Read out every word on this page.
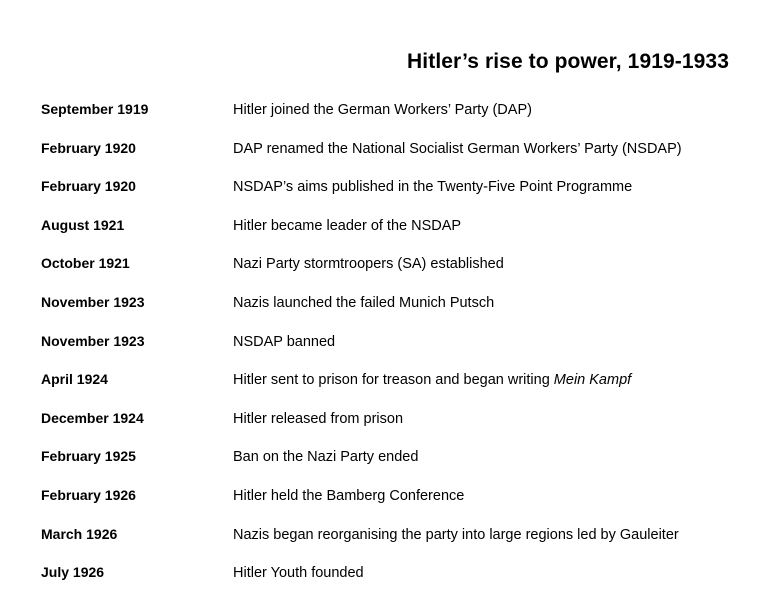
Hitler’s rise to power, 1919-1933
September 1919	Hitler joined the German Workers’ Party (DAP)
February 1920	DAP renamed the National Socialist German Workers’ Party (NSDAP)
February 1920	NSDAP’s aims published in the Twenty-Five Point Programme
August 1921	Hitler became leader of the NSDAP
October 1921	Nazi Party stormtroopers (SA) established
November 1923	Nazis launched the failed Munich Putsch
November 1923	NSDAP banned
April 1924	Hitler sent to prison for treason and began writing Mein Kampf
December 1924	Hitler released from prison
February 1925	Ban on the Nazi Party ended
February 1926	Hitler held the Bamberg Conference
March 1926	Nazis began reorganising the party into large regions led by Gauleiter
July 1926	Hitler Youth founded
